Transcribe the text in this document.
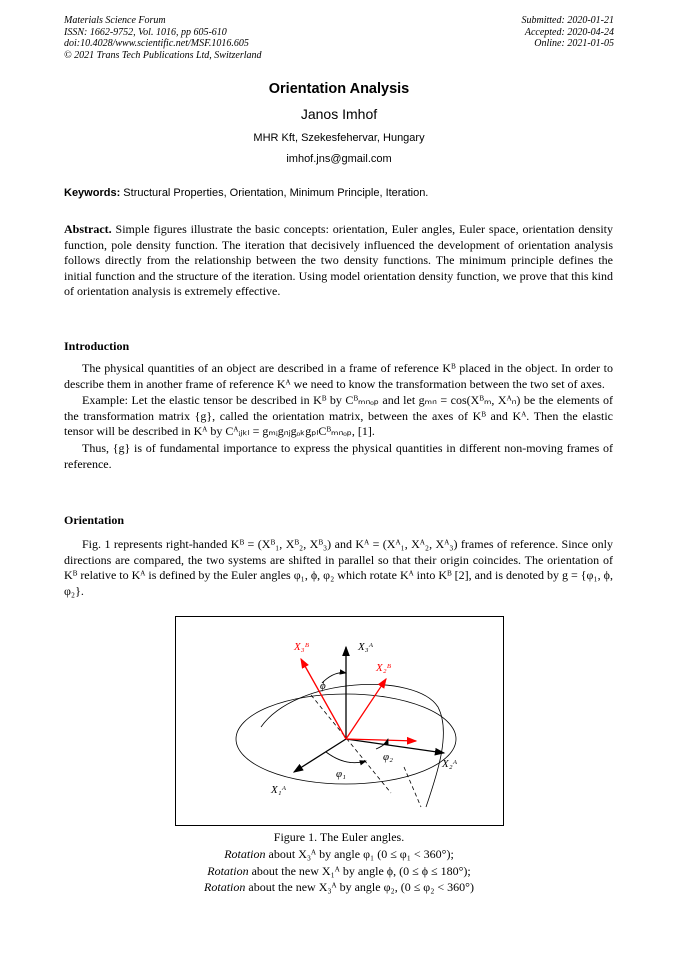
Materials Science Forum
ISSN: 1662-9752, Vol. 1016, pp 605-610
doi:10.4028/www.scientific.net/MSF.1016.605
© 2021 Trans Tech Publications Ltd, Switzerland
Submitted: 2020-01-21
Accepted: 2020-04-24
Online: 2021-01-05
Orientation Analysis
Janos Imhof
MHR Kft, Szekesfehervar, Hungary
imhof.jns@gmail.com
Keywords: Structural Properties, Orientation, Minimum Principle, Iteration.
Abstract. Simple figures illustrate the basic concepts: orientation, Euler angles, Euler space, orientation density function, pole density function. The iteration that decisively influenced the development of orientation analysis follows directly from the relationship between the two density functions. The minimum principle defines the initial function and the structure of the iteration. Using model orientation density function, we prove that this kind of orientation analysis is extremely effective.
Introduction

The physical quantities of an object are described in a frame of reference Kᴮ placed in the object. In order to describe them in another frame of reference Kᴬ we need to know the transformation between the two set of axes.

Example: Let the elastic tensor be described in Kᴮ by Cᴮₘₙₒₚ and let gₘₙ = cos(Xᴮₘ, Xᴬₙ) be the elements of the transformation matrix {g}, called the orientation matrix, between the axes of Kᴮ and Kᴬ. Then the elastic tensor will be described in Kᴬ by Cᴬᵢⱼₖₗ = gₘᵢgₙⱼgₒₖgₚₗCᴮₘₙₒₚ, [1].

Thus, {g} is of fundamental importance to express the physical quantities in different non-moving frames of reference.

Orientation

Fig. 1 represents right-handed Kᴮ = (Xᴮ₁, Xᴮ₂, Xᴮ₃) and Kᴬ = (Xᴬ₁, Xᴬ₂, Xᴬ₃) frames of reference. Since only directions are compared, the two systems are shifted in parallel so that their origin coincides. The orientation of Kᴮ relative to Kᴬ is defined by the Euler angles φ₁, ϕ, φ₂ which rotate Kᴬ into Kᴮ [2], and is denoted by g = {φ₁, ϕ, φ₂}.

X₃ᴮ	X₃ᴬ
X₂ᴮ
X₂ᴬ
X₁ᴬ
ϕ
φ₁
φ₂
Figure 1. The Euler angles.
Rotation about X₃ᴬ by angle φ₁ (0 ≤ φ₁ < 360°);
Rotation about the new X₁ᴬ by angle ϕ, (0 ≤ ϕ ≤ 180°);
Rotation about the new X₃ᴬ by angle φ₂, (0 ≤ φ₂ < 360°)
